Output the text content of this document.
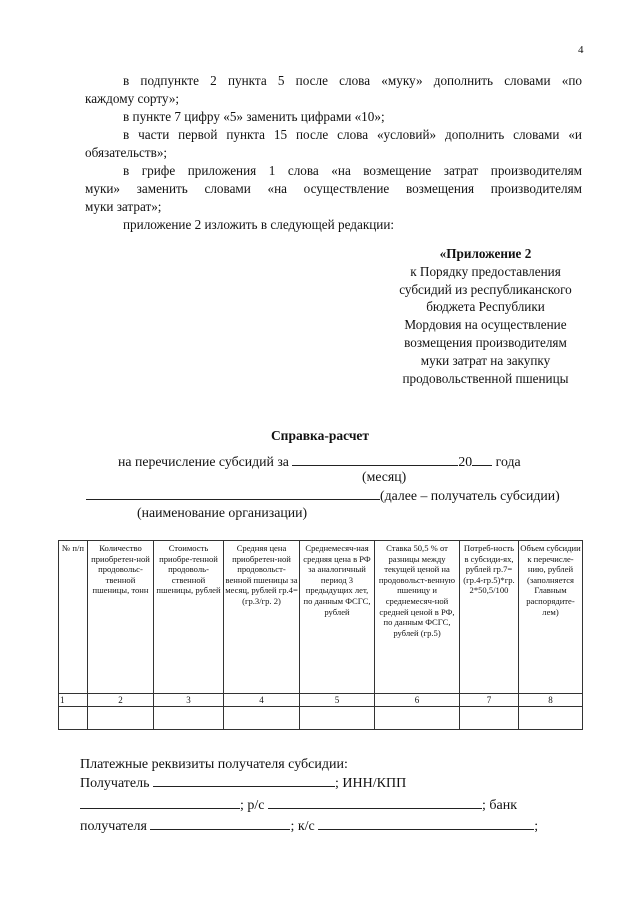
4
в подпункте 2 пункта 5 после слова «муку» дополнить словами «по
каждому сорту»;
в пункте 7 цифру «5» заменить цифрами «10»;
в части первой пункта 15 после слова «условий» дополнить словами «и
обязательств»;
в грифе приложения 1 слова «на возмещение затрат производителям
муки» заменить словами «на осуществление возмещения производителям
муки затрат»;
приложение 2 изложить в следующей редакции:
«Приложение 2
к Порядку предоставления
субсидий из республиканского
бюджета Республики
Мордовия на осуществление
возмещения производителям
муки затрат на закупку
продовольственной пшеницы
Справка-расчет
на перечисление субсидий за	20 года
(месяц)
(далее – получатель субсидии)
(наименование организации)
№ п/п	Количество приобретен-ной продовольс-твенной пшеницы, тонн	Стоимость приобре-тенной продоволь-ственной пшеницы, рублей	Средняя цена приобретен-ной продовольст-венной пшеницы за месяц, рублей гр.4=(гр.3/гр. 2)	Среднемесяч-ная средняя цена в РФ за аналогичный период 3 предыдущих лет, по данным ФСГС, рублей	Ставка 50,5 % от разницы между текущей ценой на продовольст-венную пшеницу и среднемесяч-ной средней ценой в РФ, по данным ФСГС, рублей (гр.5)	Потреб-ность в субсиди-ях, рублей гр.7=(гр.4-гр.5)*гр. 2*50,5/100	Объем субсидии к перечисле-нию, рублей (заполняется Главным распорядите-лем)
1	2	3	4	5	6	7	8

Платежные реквизиты получателя субсидии:
Получатель	; ИНН/КПП
; р/с	; банк
получателя	; к/с	;
